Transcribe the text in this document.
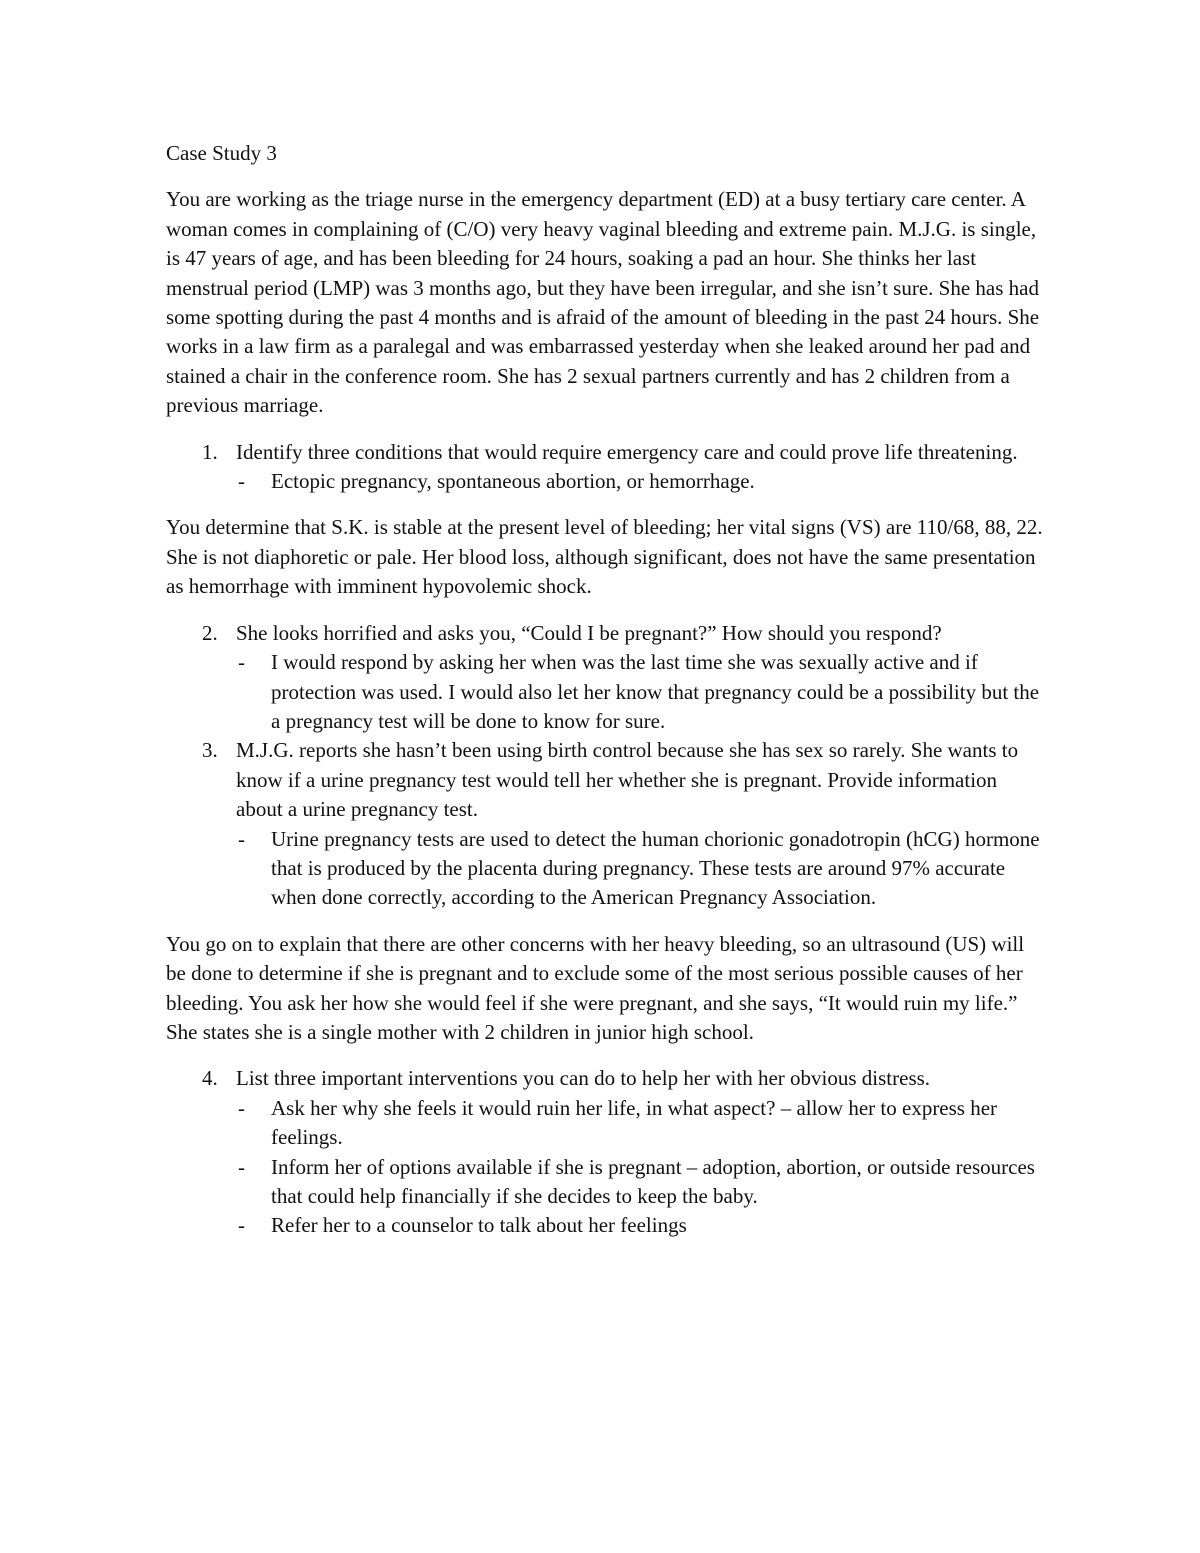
Case Study 3

You are working as the triage nurse in the emergency department (ED) at a busy tertiary care center. A woman comes in complaining of (C/O) very heavy vaginal bleeding and extreme pain. M.J.G. is single, is 47 years of age, and has been bleeding for 24 hours, soaking a pad an hour. She thinks her last menstrual period (LMP) was 3 months ago, but they have been irregular, and she isn’t sure. She has had some spotting during the past 4 months and is afraid of the amount of bleeding in the past 24 hours. She works in a law firm as a paralegal and was embarrassed yesterday when she leaked around her pad and stained a chair in the conference room. She has 2 sexual partners currently and has 2 children from a previous marriage.

1. Identify three conditions that would require emergency care and could prove life threatening.
- Ectopic pregnancy, spontaneous abortion, or hemorrhage.

You determine that S.K. is stable at the present level of bleeding; her vital signs (VS) are 110/68, 88, 22. She is not diaphoretic or pale. Her blood loss, although significant, does not have the same presentation as hemorrhage with imminent hypovolemic shock.

2. She looks horrified and asks you, “Could I be pregnant?” How should you respond?
- I would respond by asking her when was the last time she was sexually active and if protection was used. I would also let her know that pregnancy could be a possibility but the a pregnancy test will be done to know for sure.
3. M.J.G. reports she hasn’t been using birth control because she has sex so rarely. She wants to know if a urine pregnancy test would tell her whether she is pregnant. Provide information about a urine pregnancy test.
- Urine pregnancy tests are used to detect the human chorionic gonadotropin (hCG) hormone that is produced by the placenta during pregnancy. These tests are around 97% accurate when done correctly, according to the American Pregnancy Association.

You go on to explain that there are other concerns with her heavy bleeding, so an ultrasound (US) will be done to determine if she is pregnant and to exclude some of the most serious possible causes of her bleeding. You ask her how she would feel if she were pregnant, and she says, “It would ruin my life.” She states she is a single mother with 2 children in junior high school.

4. List three important interventions you can do to help her with her obvious distress.
- Ask her why she feels it would ruin her life, in what aspect? – allow her to express her feelings.
- Inform her of options available if she is pregnant – adoption, abortion, or outside resources that could help financially if she decides to keep the baby.
- Refer her to a counselor to talk about her feelings
